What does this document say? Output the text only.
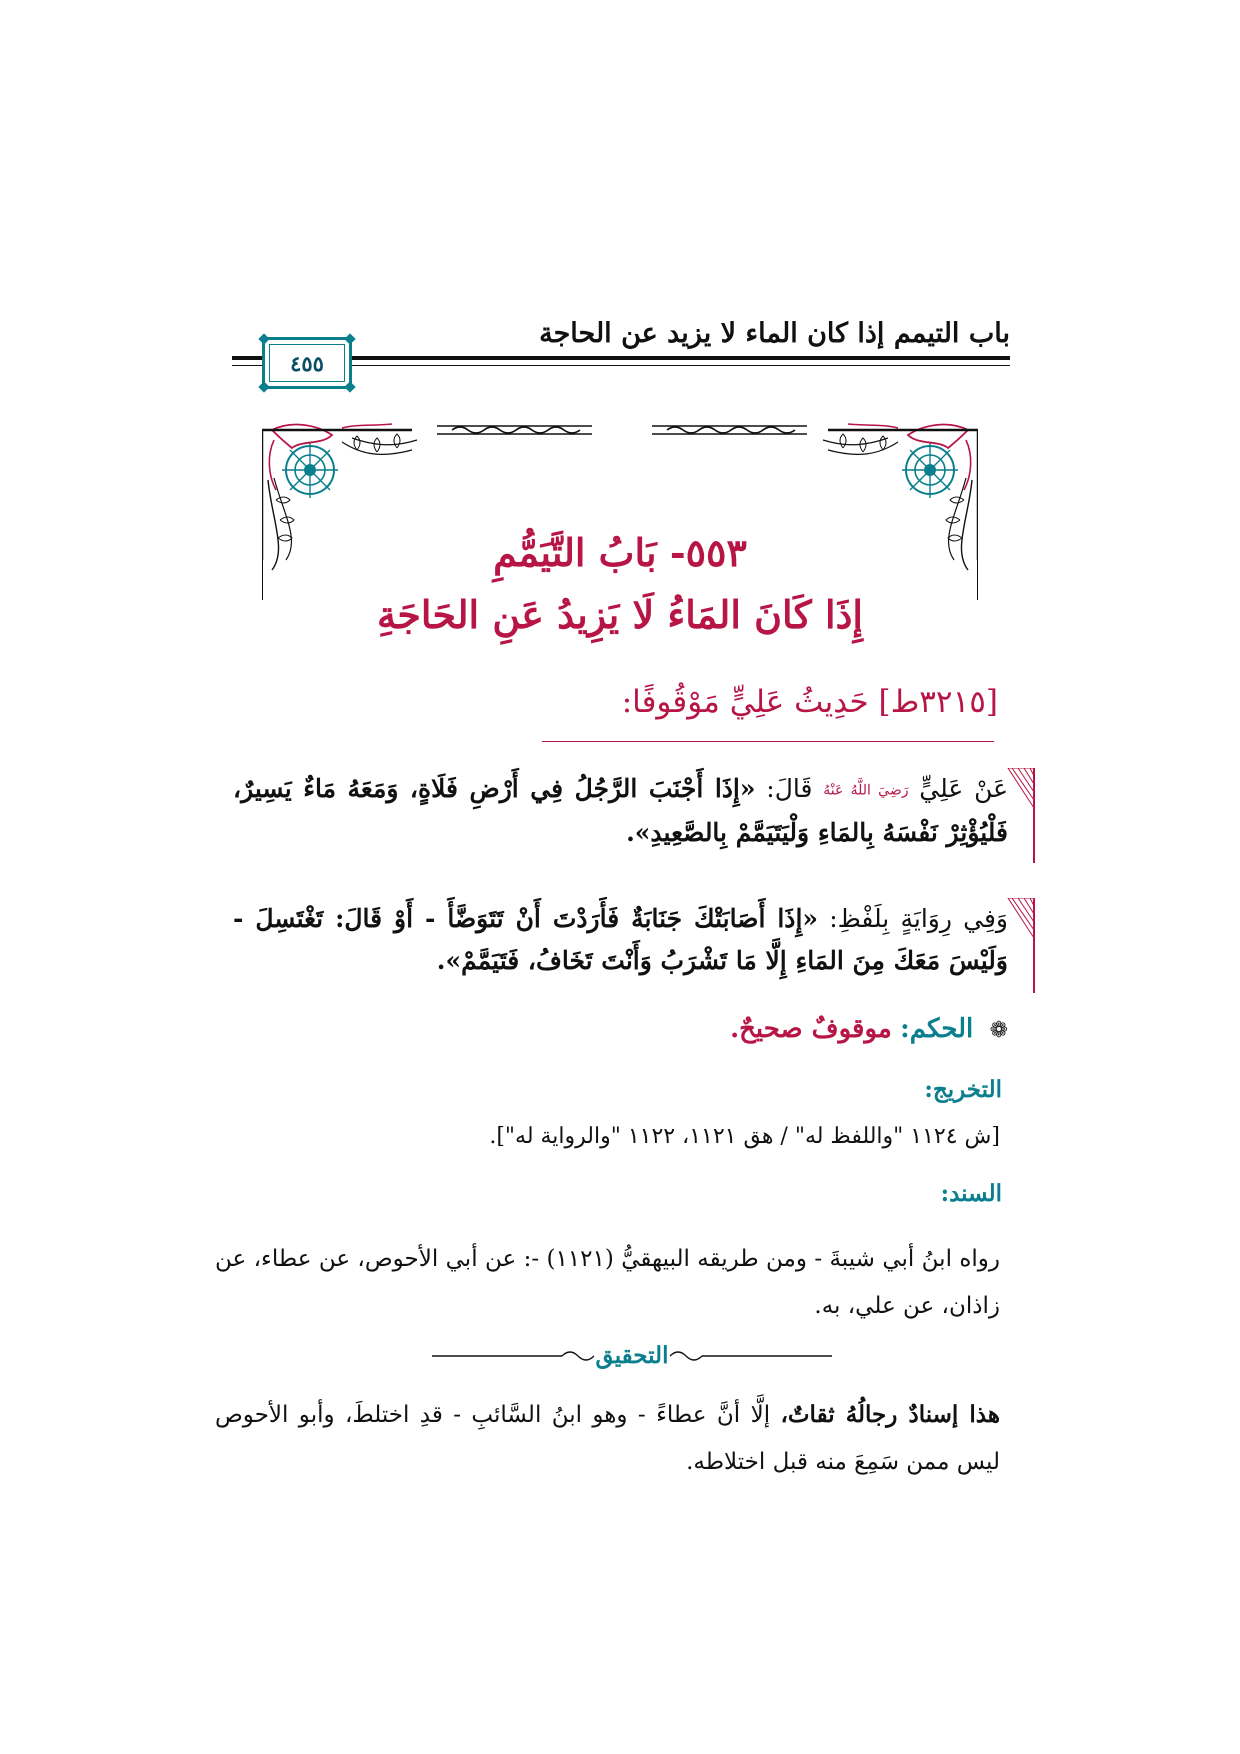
باب التيمم إذا كان الماء لا يزيد عن الحاجة
٤٥٥
٥٥٣- بَابُ التَّيَمُّمِ
إِذَا كَانَ المَاءُ لَا يَزِيدُ عَنِ الحَاجَةِ
[٣٢١٥ط] حَدِيثُ عَلِيٍّ مَوْقُوفًا:
عَنْ عَلِيٍّ رَضِيَ اللَّهُ عَنْهُ قَالَ: «إِذَا أَجْنَبَ الرَّجُلُ فِي أَرْضِ فَلَاةٍ، وَمَعَهُ مَاءٌ يَسِيرٌ، فَلْيُؤْثِرْ نَفْسَهُ بِالمَاءِ وَلْيَتَيَمَّمْ بِالصَّعِيدِ».
وَفِي رِوَايَةٍ بِلَفْظِ: «إِذَا أَصَابَتْكَ جَنَابَةٌ فَأَرَدْتَ أَنْ تَتَوَضَّأَ - أَوْ قَالَ: تَغْتَسِلَ - وَلَيْسَ مَعَكَ مِنَ المَاءِ إِلَّا مَا تَشْرَبُ وَأَنْتَ تَخَافُ، فَتَيَمَّمْ».
❁ الحكم: موقوفٌ صحيحٌ.
التخريج:
[ش ١١٢٤ "واللفظ له" / هق ١١٢١، ١١٢٢ "والرواية له"].
السند:
رواه ابنُ أبي شيبةَ - ومن طريقه البيهقيُّ (١١٢١) -: عن أبي الأحوص، عن عطاء، عن زاذان، عن علي، به.
التحقيق
هذا إسنادٌ رجالُهُ ثقاتٌ، إلَّا أنَّ عطاءً - وهو ابنُ السَّائبِ - قدِ اختلطَ، وأبو الأحوص ليس ممن سَمِعَ منه قبل اختلاطه.
